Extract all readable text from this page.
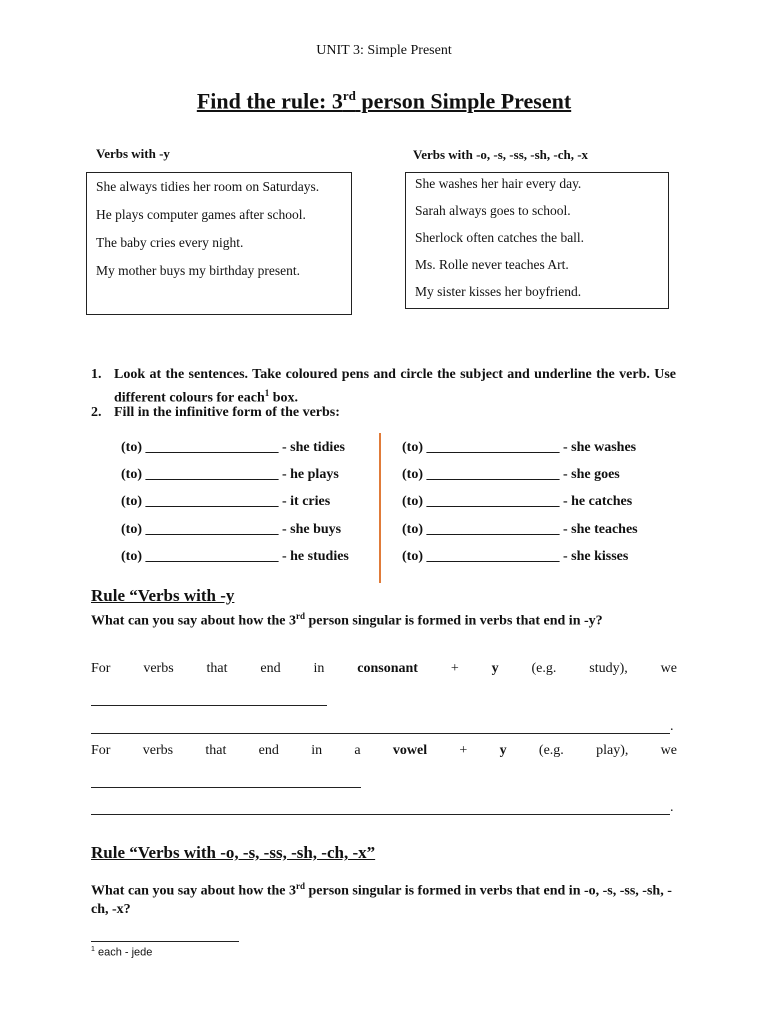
UNIT 3: Simple Present
Find the rule: 3rd person Simple Present
Verbs with -y	Verbs with -o, -s, -ss, -sh, -ch, -x

She always tidies her room on Saturdays.

He plays computer games after school.

The baby cries every night.

My mother buys my birthday present.

She washes her hair every day.

Sarah always goes to school.

Sherlock often catches the ball.

Ms. Rolle never teaches Art.

My sister kisses her boyfriend.

1. Look at the sentences. Take coloured pens and circle the subject and underline the verb. Use different colours for each$^1$ box.
2. Fill in the infinitive form of the verbs:
(to) ___________________ - she tidies
(to) ___________________ - he plays
(to) ___________________ - it cries
(to) ___________________ - she buys
(to) ___________________ - he studies
(to) ___________________ - she washes
(to) ___________________ - she goes
(to) ___________________ - he catches
(to) ___________________ - she teaches
(to) ___________________ - she kisses
Rule “Verbs with -y
What can you say about how the 3rd person singular is formed in verbs that end in -y?
For verbs that end in consonant + y (e.g. study), we
.
For verbs that end in a vowel + y (e.g. play), we
.
Rule “Verbs with -o, -s, -ss, -sh, -ch, -x”
What can you say about how the 3rd person singular is formed in verbs that end in -o, -s, -ss, -sh, -ch, -x?
$^1$ each - jede
